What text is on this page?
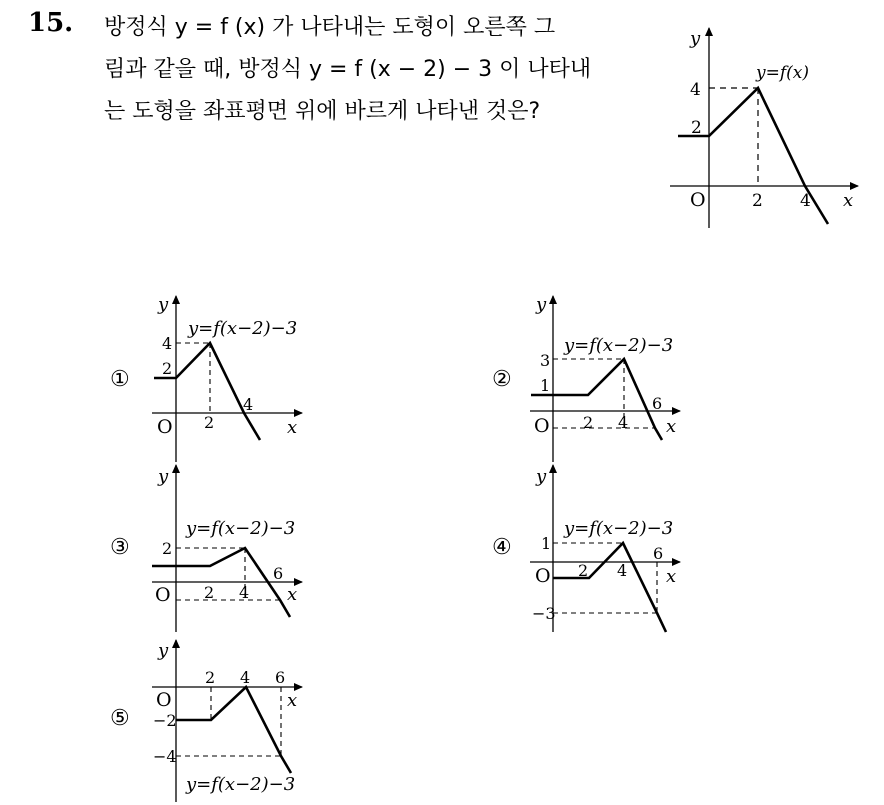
15. 방정식 y = f (x) 가 나타내는 도형이 오른쪽 그
림과 같을 때, 방정식 y = f (x − 2) − 3 이 나타내
는 도형을 좌표평면 위에 바르게 나타낸 것은?
y
x
O
4
2
2 4
y=f(x)
①
y
x
O
4
2
2
4
y=f(x−2)−3
②
y
x
O
3
1
2 4
6
y=f(x−2)−3
③
y
x
O
2
2 4
6
y=f(x−2)−3
④
y
x
O
1
2 4
6
−3
y=f(x−2)−3
⑤
y
x
O
2 4 6
−2
−4
y=f(x−2)−3
